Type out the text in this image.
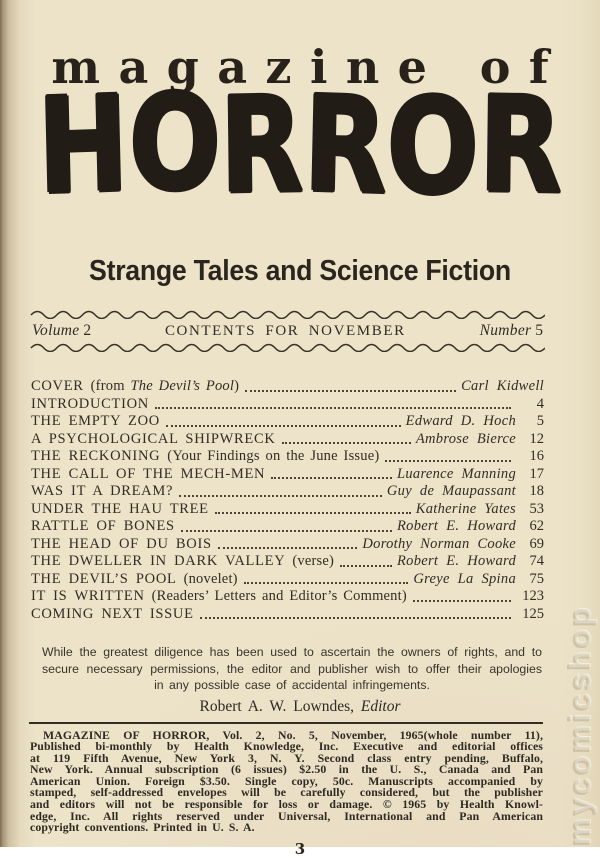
magazine of
HORROR
Strange Tales and Science Fiction
Volume 2	CONTENTS FOR NOVEMBER	Number 5
COVER (from The Devil’s Pool)	Carl Kidwell
INTRODUCTION	4
THE EMPTY ZOO	Edward D. Hoch	5
A PSYCHOLOGICAL SHIPWRECK	Ambrose Bierce 12
THE RECKONING (Your Findings on the June Issue)	16
THE CALL OF THE MECH-MEN	Luarence Manning 17
WAS IT A DREAM?	Guy de Maupassant 18
UNDER THE HAU TREE	Katherine Yates 53
RATTLE OF BONES	Robert E. Howard 62
THE HEAD OF DU BOIS	Dorothy Norman Cooke 69
THE DWELLER IN DARK VALLEY (verse)	Robert E. Howard 74
THE DEVIL’S POOL (novelet)	Greye La Spina 75
IT IS WRITTEN (Readers’ Letters and Editor’s Comment)	123
COMING NEXT ISSUE	125
While the greatest diligence has been used to ascertain the owners of rights, and to
secure necessary permissions, the editor and publisher wish to offer their apologies
in any possible case of accidental infringements.
Robert A. W. Lowndes, Editor
MAGAZINE OF HORROR, Vol. 2, No. 5, November, 1965(whole number 11),
Published bi-monthly by Health Knowledge, Inc. Executive and editorial offices
at 119 Fifth Avenue, New York 3, N. Y. Second class entry pending, Buffalo,
New York. Annual subscription (6 issues) $2.50 in the U. S., Canada and Pan
American Union. Foreign $3.50. Single copy, 50c. Manuscripts accompanied by
stamped, self-addressed envelopes will be carefully considered, but the publisher
and editors will not be responsible for loss or damage. © 1965 by Health Knowl-
edge, Inc. All rights reserved under Universal, International and Pan American
copyright conventions. Printed in U. S. A.
3
mycomicshop
